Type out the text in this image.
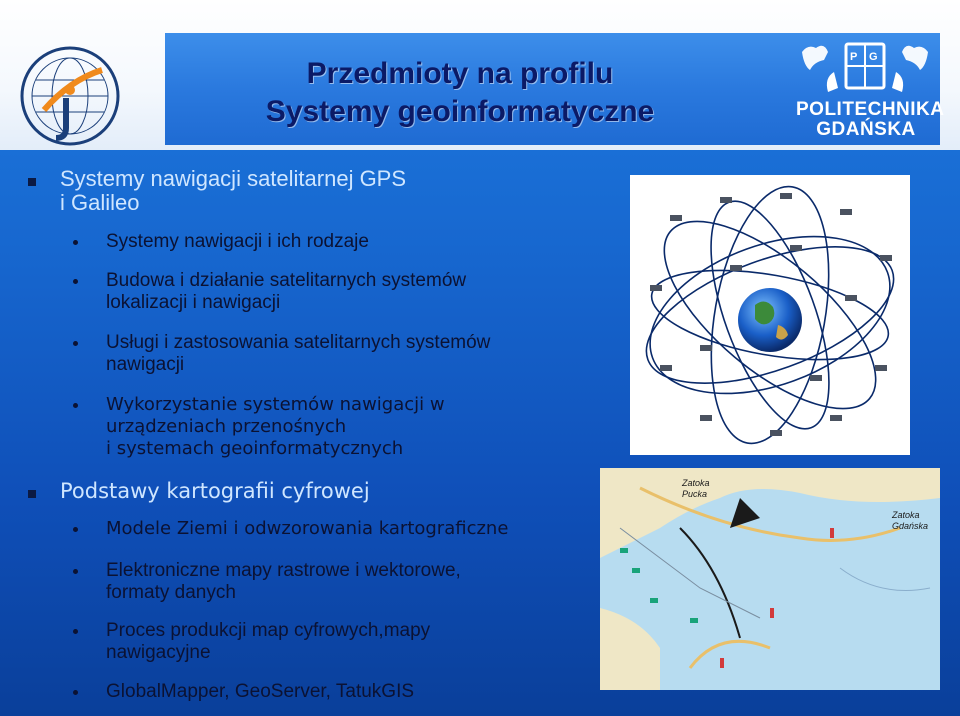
Przedmioty na profilu
Systemy geoinformatyczne
P G
POLITECHNIKA
GDAŃSKA
Systemy nawigacji satelitarnej GPS
i Galileo
Systemy nawigacji i ich rodzaje
Budowa i działanie satelitarnych systemów
lokalizacji i nawigacji
Usługi i zastosowania satelitarnych systemów
nawigacji
Wykorzystanie systemów nawigacji w
urządzeniach przenośnych
i systemach geoinformatycznych
Podstawy kartografii cyfrowej
Modele Ziemi i odwzorowania kartograficzne
Elektroniczne mapy rastrowe i wektorowe,
formaty danych
Proces produkcji map cyfrowych,mapy
nawigacyjne
GlobalMapper, GeoServer, TatukGIS
Zatoka
Pucka
Zatoka
Gdańska
